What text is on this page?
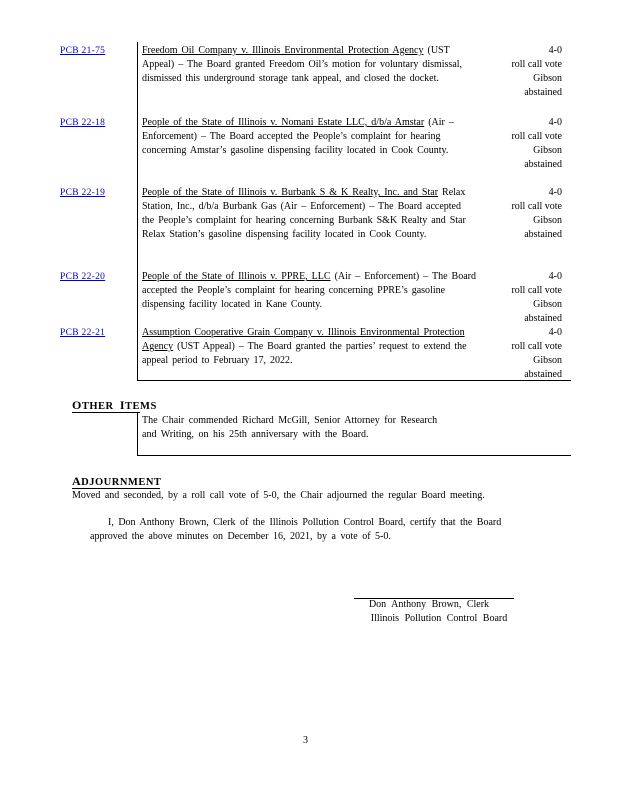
PCB 21-75	Freedom Oil Company v. Illinois Environmental Protection Agency (UST Appeal) – The Board granted Freedom Oil’s motion for voluntary dismissal, dismissed this underground storage tank appeal, and closed the docket.
4-0
roll call vote
Gibson
abstained
PCB 22-18	People of the State of Illinois v. Nomani Estate LLC, d/b/a Amstar (Air – Enforcement) – The Board accepted the People’s complaint for hearing concerning Amstar’s gasoline dispensing facility located in Cook County.
4-0
roll call vote
Gibson
abstained
PCB 22-19	People of the State of Illinois v. Burbank S & K Realty, Inc. and Star Relax Station, Inc., d/b/a Burbank Gas (Air – Enforcement) – The Board accepted the People’s complaint for hearing concerning Burbank S&K Realty and Star Relax Station’s gasoline dispensing facility located in Cook County.
4-0
roll call vote
Gibson
abstained
PCB 22-20	People of the State of Illinois v. PPRE, LLC (Air – Enforcement) – The Board accepted the People’s complaint for hearing concerning PPRE’s gasoline dispensing facility located in Kane County.
4-0
roll call vote
Gibson
abstained
PCB 22-21	Assumption Cooperative Grain Company v. Illinois Environmental Protection Agency (UST Appeal) – The Board granted the parties’ request to extend the appeal period to February 17, 2022.
4-0
roll call vote
Gibson
abstained
OTHER ITEMS
The Chair commended Richard McGill, Senior Attorney for Research and Writing, on his 25th anniversary with the Board.
ADJOURNMENT
Moved and seconded, by a roll call vote of 5-0, the Chair adjourned the regular Board meeting.
I, Don Anthony Brown, Clerk of the Illinois Pollution Control Board, certify that the Board approved the above minutes on December 16, 2021, by a vote of 5-0.
Don Anthony Brown, Clerk
Illinois Pollution Control Board
3
